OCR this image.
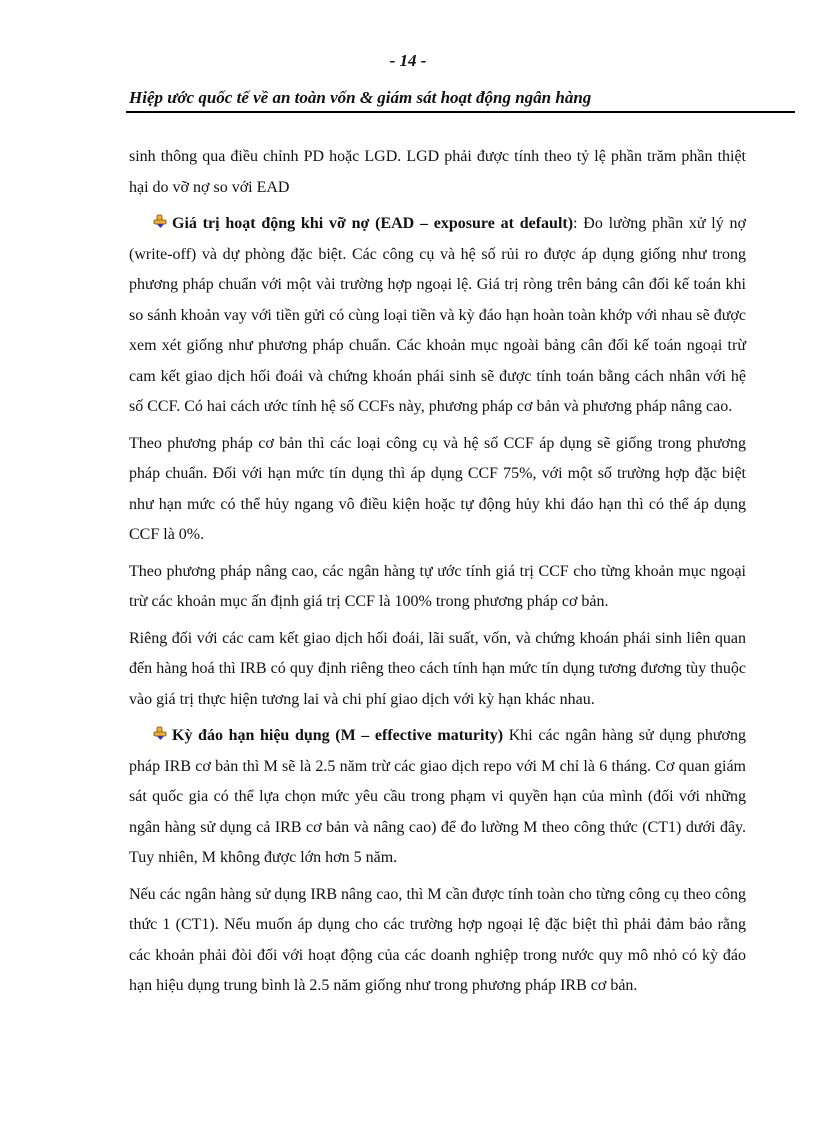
- 14 -
Hiệp ước quốc tế về an toàn vốn & giám sát hoạt động ngân hàng

sinh thông qua điều chỉnh PD hoặc LGD. LGD phải được tính theo tỷ lệ phần trăm phần thiệt hại do vỡ nợ so với EAD

Giá trị hoạt động khi vỡ nợ (EAD – exposure at default): Đo lường phần xử lý nợ (write-off) và dự phòng đặc biệt. Các công cụ và hệ số rủi ro được áp dụng giống như trong phương pháp chuẩn với một vài trường hợp ngoại lệ. Giá trị ròng trên bảng cân đối kế toán khi so sánh khoản vay với tiền gửi có cùng loại tiền và kỳ đáo hạn hoàn toàn khớp với nhau sẽ được xem xét giống như phương pháp chuẩn. Các khoản mục ngoài bảng cân đối kế toán ngoại trừ cam kết giao dịch hối đoái và chứng khoán phái sinh sẽ được tính toán bằng cách nhân với hệ số CCF. Có hai cách ước tính hệ số CCFs này, phương pháp cơ bản và phương pháp nâng cao.

Theo phương pháp cơ bản thì các loại công cụ và hệ số CCF áp dụng sẽ giống trong phương pháp chuẩn. Đối với hạn mức tín dụng thì áp dụng CCF 75%, với một số trường hợp đặc biệt như hạn mức có thể hủy ngang vô điều kiện hoặc tự động hủy khi đáo hạn thì có thể áp dụng CCF là 0%.

Theo phương pháp nâng cao, các ngân hàng tự ước tính giá trị CCF cho từng khoản mục ngoại trừ các khoản mục ấn định giá trị CCF là 100% trong phương pháp cơ bản.

Riêng đối với các cam kết giao dịch hối đoái, lãi suất, vốn, và chứng khoán phái sinh liên quan đến hàng hoá thì IRB có quy định riêng theo cách tính hạn mức tín dụng tương đương tùy thuộc vào giá trị thực hiện tương lai và chi phí giao dịch với kỳ hạn khác nhau.

Kỳ đáo hạn hiệu dụng (M – effective maturity) Khi các ngân hàng sử dụng phương pháp IRB cơ bản thì M sẽ là 2.5 năm trừ các giao dịch repo với M chỉ là 6 tháng. Cơ quan giám sát quốc gia có thể lựa chọn mức yêu cầu trong phạm vi quyền hạn của mình (đối với những ngân hàng sử dụng cả IRB cơ bản và nâng cao) để đo lường M theo công thức (CT1) dưới đây. Tuy nhiên, M không được lớn hơn 5 năm.

Nếu các ngân hàng sử dụng IRB nâng cao, thì M cần được tính toàn cho từng công cụ theo công thức 1 (CT1). Nếu muốn áp dụng cho các trường hợp ngoại lệ đặc biệt thì phải đảm bảo rằng các khoản phải đòi đối với hoạt động của các doanh nghiệp trong nước quy mô nhỏ có kỳ đáo hạn hiệu dụng trung bình là 2.5 năm giống như trong phương pháp IRB cơ bản.
